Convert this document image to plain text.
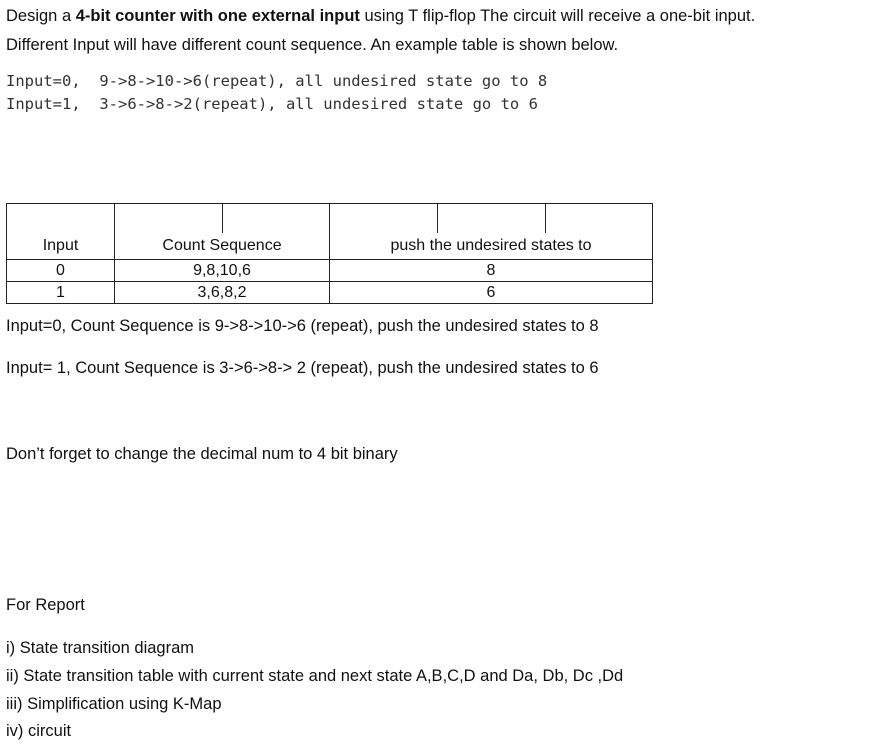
Design a 4-bit counter with one external input using T flip-flop The circuit will receive a one-bit input.
Different Input will have different count sequence. An example table is shown below.
Input=0,  9->8->10->6(repeat), all undesired state go to 8
Input=1,  3->6->8->2(repeat), all undesired state go to 6

Input	Count Sequence	push the undesired states to
0	9,8,10,6	8
1	3,6,8,2	6
Input=0, Count Sequence is 9->8->10->6 (repeat), push the undesired states to 8
Input= 1, Count Sequence is 3->6->8-> 2 (repeat), push the undesired states to 6
Don’t forget to change the decimal num to 4 bit binary
For Report
i) State transition diagram
ii) State transition table with current state and next state A,B,C,D and Da, Db, Dc ,Dd
iii) Simplification using K-Map
iv) circuit
